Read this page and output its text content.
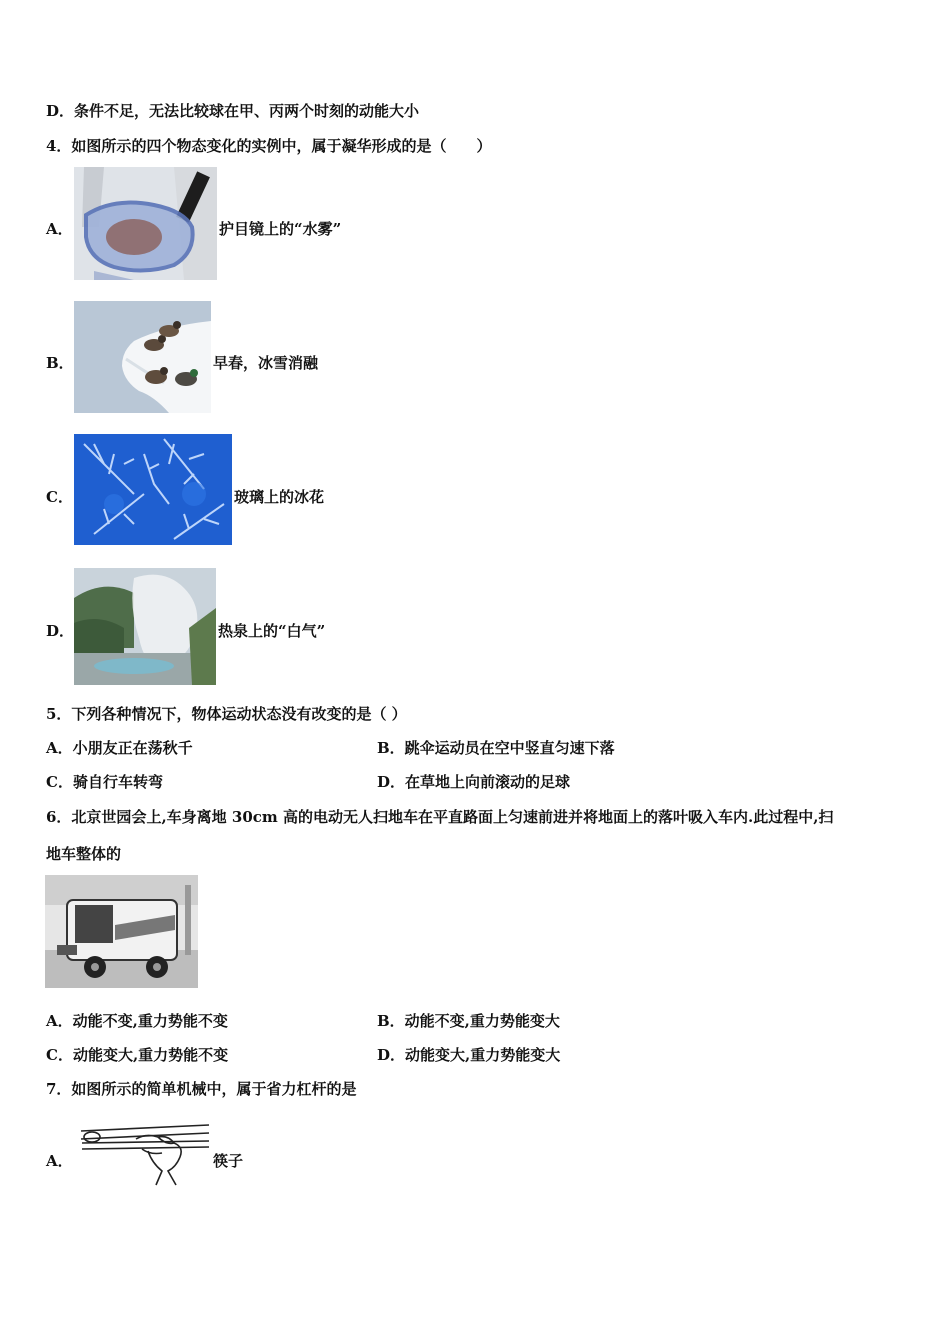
D．条件不足，无法比较球在甲、丙两个时刻的动能大小
4．如图所示的四个物态变化的实例中，属于凝华形成的是（　　）
A．	护目镜上的“水雾”
B．	早春，冰雪消融
C．	玻璃上的冰花
D．	热泉上的“白气”
5．下列各种情况下，物体运动状态没有改变的是（ ）
A．小朋友正在荡秋千	B．跳伞运动员在空中竖直匀速下落
C．骑自行车转弯	D．在草地上向前滚动的足球
6．北京世园会上,车身离地 30cm 高的电动无人扫地车在平直路面上匀速前进并将地面上的落叶吸入车内.此过程中,扫
地车整体的
A．动能不变,重力势能不变	B．动能不变,重力势能变大
C．动能变大,重力势能不变	D．动能变大,重力势能变大
7．如图所示的简单机械中，属于省力杠杆的是
A．	筷子
